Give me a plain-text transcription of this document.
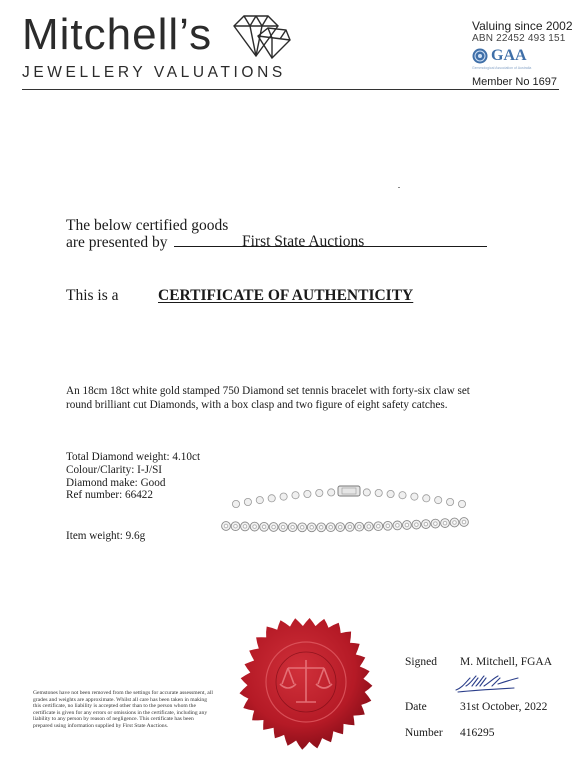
Mitchell’s
JEWELLERY VALUATIONS
Valuing since 2002
ABN 22452 493 151
GAA
Gemmological Association of Australia
Member No 1697
The below certified goods
are presented by	First State Auctions
This is a	CERTIFICATE OF AUTHENTICITY
An 18cm 18ct white gold stamped 750 Diamond set tennis bracelet with forty-six claw set round brilliant cut Diamonds, with a box clasp and two figure of eight safety catches.
Total Diamond weight: 4.10ct
Colour/Clarity: I-J/SI
Diamond make: Good
Ref number: 66422
Item weight: 9.6g
Signed M. Mitchell, FGAA
Date	31st October, 2022
Number 416295
Gemstones have not been removed from the settings for accurate assessment, all grades and weights are approximate. Whilst all care has been taken in making this certificate, no liability is accepted other than to the person whom the certificate is given for any errors or omissions in the certificate, including any liability to any person by reason of negligence. This certificate has been prepared using information supplied by First State Auctions.
